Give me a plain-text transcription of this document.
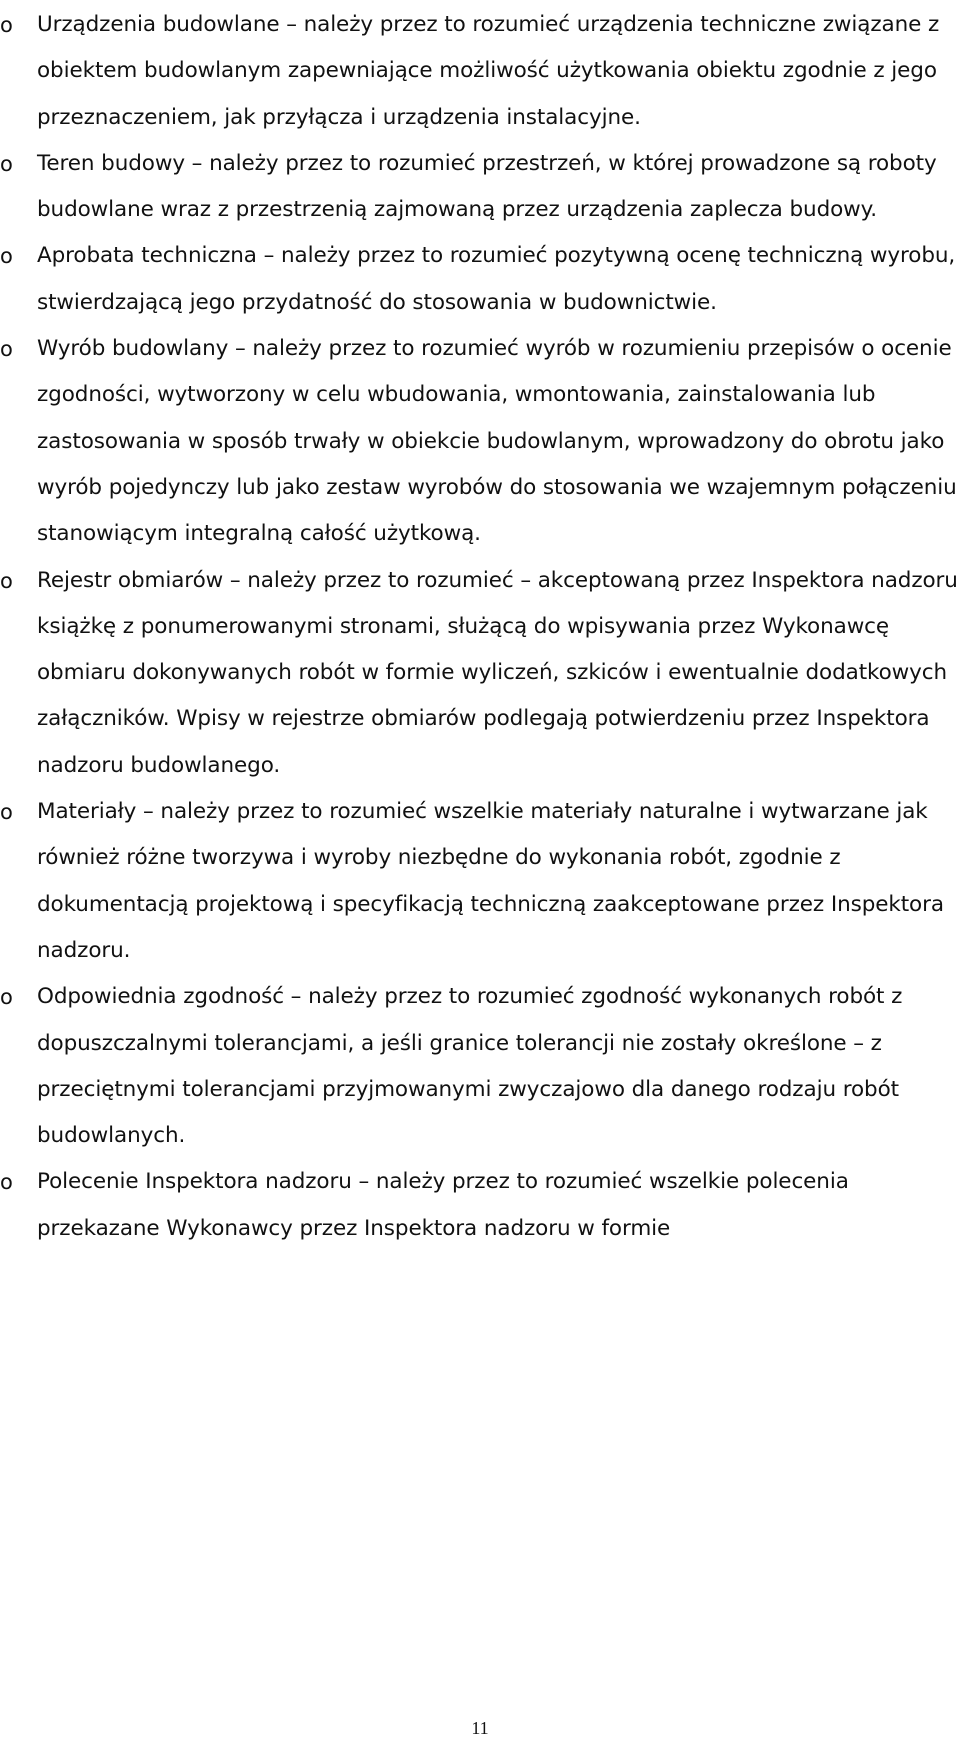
o	Urządzenia budowlane – należy przez to rozumieć urządzenia techniczne związane z obiektem budowlanym zapewniające możliwość użytkowania obiektu zgodnie z jego przeznaczeniem, jak przyłącza i urządzenia instalacyjne.
o	Teren budowy – należy przez to rozumieć przestrzeń, w której prowadzone są roboty budowlane wraz z przestrzenią zajmowaną przez urządzenia zaplecza budowy.
o	Aprobata techniczna – należy przez to rozumieć pozytywną ocenę techniczną wyrobu, stwierdzającą jego przydatność do stosowania w budownictwie.
o	Wyrób budowlany – należy przez to rozumieć wyrób w rozumieniu przepisów o ocenie zgodności, wytworzony w celu wbudowania, wmontowania, zainstalowania lub zastosowania w sposób trwały w obiekcie budowlanym, wprowadzony do obrotu jako wyrób pojedynczy lub jako zestaw wyrobów do stosowania we wzajemnym połączeniu stanowiącym integralną całość użytkową.
o	Rejestr obmiarów – należy przez to rozumieć – akceptowaną przez Inspektora nadzoru książkę z ponumerowanymi stronami, służącą do wpisywania przez Wykonawcę obmiaru dokonywanych robót w formie wyliczeń, szkiców i ewentualnie dodatkowych załączników. Wpisy w rejestrze obmiarów podlegają potwierdzeniu przez Inspektora nadzoru budowlanego.
o	Materiały – należy przez to rozumieć wszelkie materiały naturalne i wytwarzane jak również różne tworzywa i wyroby niezbędne do wykonania robót, zgodnie z dokumentacją projektową i specyfikacją techniczną zaakceptowane przez Inspektora nadzoru.
o	Odpowiednia zgodność – należy przez to rozumieć zgodność wykonanych robót z dopuszczalnymi tolerancjami, a jeśli granice tolerancji nie zostały określone – z przeciętnymi tolerancjami przyjmowanymi zwyczajowo dla danego rodzaju robót budowlanych.
o	Polecenie Inspektora nadzoru – należy przez to rozumieć wszelkie polecenia przekazane Wykonawcy przez Inspektora nadzoru w formie
11
